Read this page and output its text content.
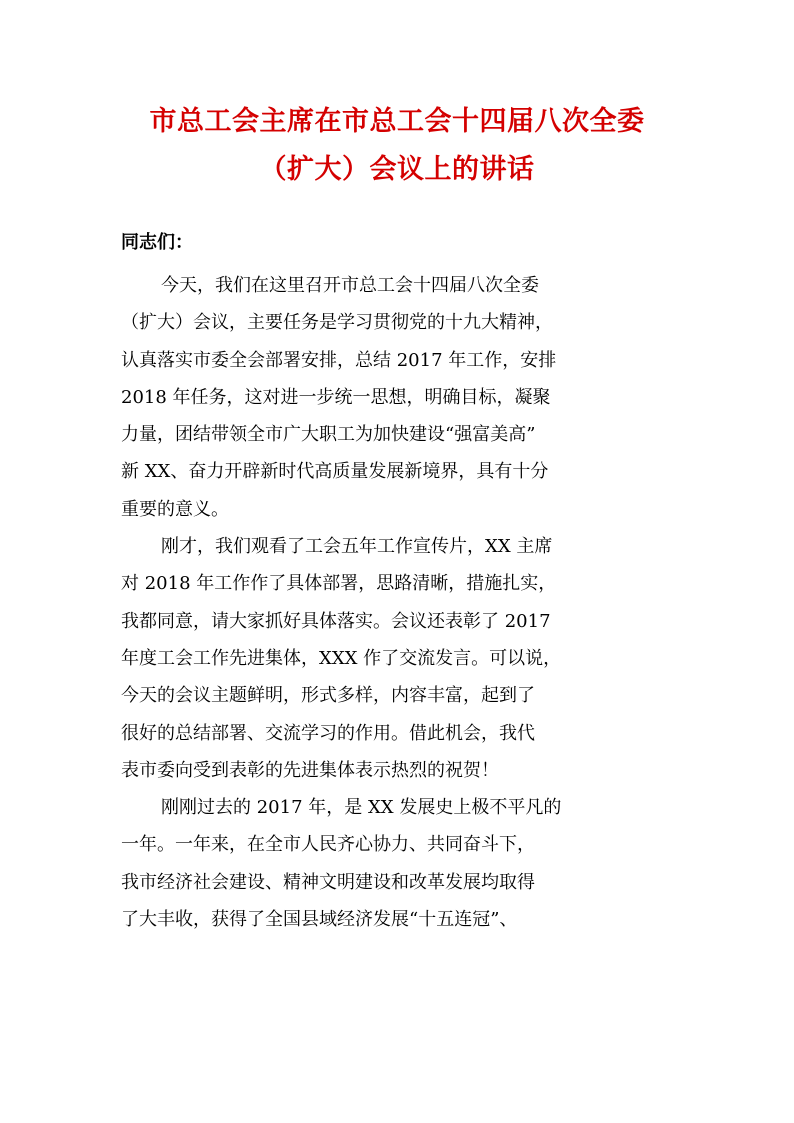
市总工会主席在市总工会十四届八次全委
（扩大）会议上的讲话

同志们：

今天，我们在这里召开市总工会十四届八次全委
（扩大）会议，主要任务是学习贯彻党的十九大精神，
认真落实市委全会部署安排，总结 2017 年工作，安排
2018 年任务，这对进一步统一思想，明确目标，凝聚
力量，团结带领全市广大职工为加快建设“强富美高”
新 XX、奋力开辟新时代高质量发展新境界，具有十分
重要的意义。
刚才，我们观看了工会五年工作宣传片，XX 主席
对 2018 年工作作了具体部署，思路清晰，措施扎实，
我都同意，请大家抓好具体落实。会议还表彰了 2017
年度工会工作先进集体，XXX 作了交流发言。可以说，
今天的会议主题鲜明，形式多样，内容丰富，起到了
很好的总结部署、交流学习的作用。借此机会，我代
表市委向受到表彰的先进集体表示热烈的祝贺！
刚刚过去的 2017 年，是 XX 发展史上极不平凡的
一年。一年来，在全市人民齐心协力、共同奋斗下，
我市经济社会建设、精神文明建设和改革发展均取得
了大丰收，获得了全国县域经济发展“十五连冠”、
